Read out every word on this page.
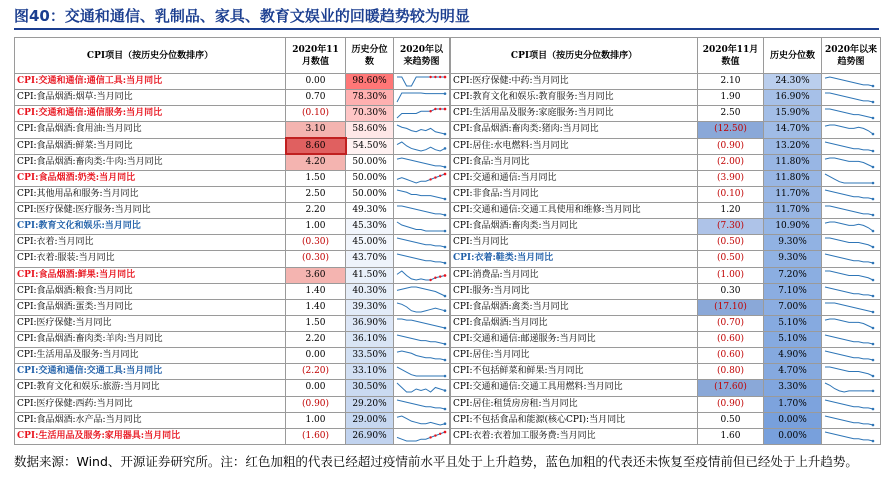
图40：交通和通信、乳制品、家具、教育文娱业的回暖趋势较为明显
CPI项目（按历史分位数排序）	2020年11月数值	历史分位数	2020年以来趋势图
CPI:交通和通信:通信工具:当月同比	0.00	98.60%	

CPI:食品烟酒:烟草:当月同比	0.70	78.30%	

CPI:交通和通信:通信服务:当月同比	(0.10)	70.30%	

CPI:食品烟酒:食用油:当月同比	3.10	58.60%	

CPI:食品烟酒:鲜菜:当月同比	8.60	54.50%	

CPI:食品烟酒:畜肉类:牛肉:当月同比	4.20	50.00%	

CPI:食品烟酒:奶类:当月同比	1.50	50.00%	

CPI:其他用品和服务:当月同比	2.50	50.00%	

CPI:医疗保健:医疗服务:当月同比	2.20	49.30%	

CPI:教育文化和娱乐:当月同比	1.00	45.30%	

CPI:衣着:当月同比	(0.30)	45.00%	

CPI:衣着:服装:当月同比	(0.30)	43.70%	

CPI:食品烟酒:鲜果:当月同比	3.60	41.50%	

CPI:食品烟酒:粮食:当月同比	1.40	40.30%	

CPI:食品烟酒:蛋类:当月同比	1.40	39.30%	

CPI:医疗保健:当月同比	1.50	36.90%	

CPI:食品烟酒:畜肉类:羊肉:当月同比	2.20	36.10%	

CPI:生活用品及服务:当月同比	0.00	33.50%	

CPI:交通和通信:交通工具:当月同比	(2.20)	33.10%	

CPI:教育文化和娱乐:旅游:当月同比	0.00	30.50%	

CPI:医疗保健:西药:当月同比	(0.90)	29.20%	

CPI:食品烟酒:水产品:当月同比	1.00	29.00%	

CPI:生活用品及服务:家用器具:当月同比	(1.60)	26.90%	
CPI项目（按历史分位数排序）	2020年11月数值	历史分位数	2020年以来趋势图
CPI:医疗保健:中药:当月同比	2.10	24.30%	

CPI:教育文化和娱乐:教育服务:当月同比	1.90	16.90%	

CPI:生活用品及服务:家庭服务:当月同比	2.50	15.90%	

CPI:食品烟酒:畜肉类:猪肉:当月同比	(12.50)	14.70%	

CPI:居住:水电燃料:当月同比	(0.90)	13.20%	

CPI:食品:当月同比	(2.00)	11.80%	

CPI:交通和通信:当月同比	(3.90)	11.80%	

CPI:非食品:当月同比	(0.10)	11.70%	

CPI:交通和通信:交通工具使用和维修:当月同比	1.20	11.70%	

CPI:食品烟酒:畜肉类:当月同比	(7.30)	10.90%	

CPI:当月同比	(0.50)	9.30%	

CPI:衣着:鞋类:当月同比	(0.50)	9.30%	

CPI:消费品:当月同比	(1.00)	7.20%	

CPI:服务:当月同比	0.30	7.10%	

CPI:食品烟酒:禽类:当月同比	(17.10)	7.00%	

CPI:食品烟酒:当月同比	(0.70)	5.10%	

CPI:交通和通信:邮递服务:当月同比	(0.60)	5.10%	

CPI:居住:当月同比	(0.60)	4.90%	

CPI:不包括鲜菜和鲜果:当月同比	(0.80)	4.70%	

CPI:交通和通信:交通工具用燃料:当月同比	(17.60)	3.30%	

CPI:居住:租赁房房租:当月同比	(0.90)	1.70%	

CPI:不包括食品和能源(核心CPI):当月同比	0.50	0.00%	

CPI:衣着:衣着加工服务费:当月同比	1.60	0.00%	
数据来源：Wind、开源证券研究所。注：红色加粗的代表已经超过疫情前水平且处于上升趋势，蓝色加粗的代表还未恢复至疫情前但已经处于上升趋势。
